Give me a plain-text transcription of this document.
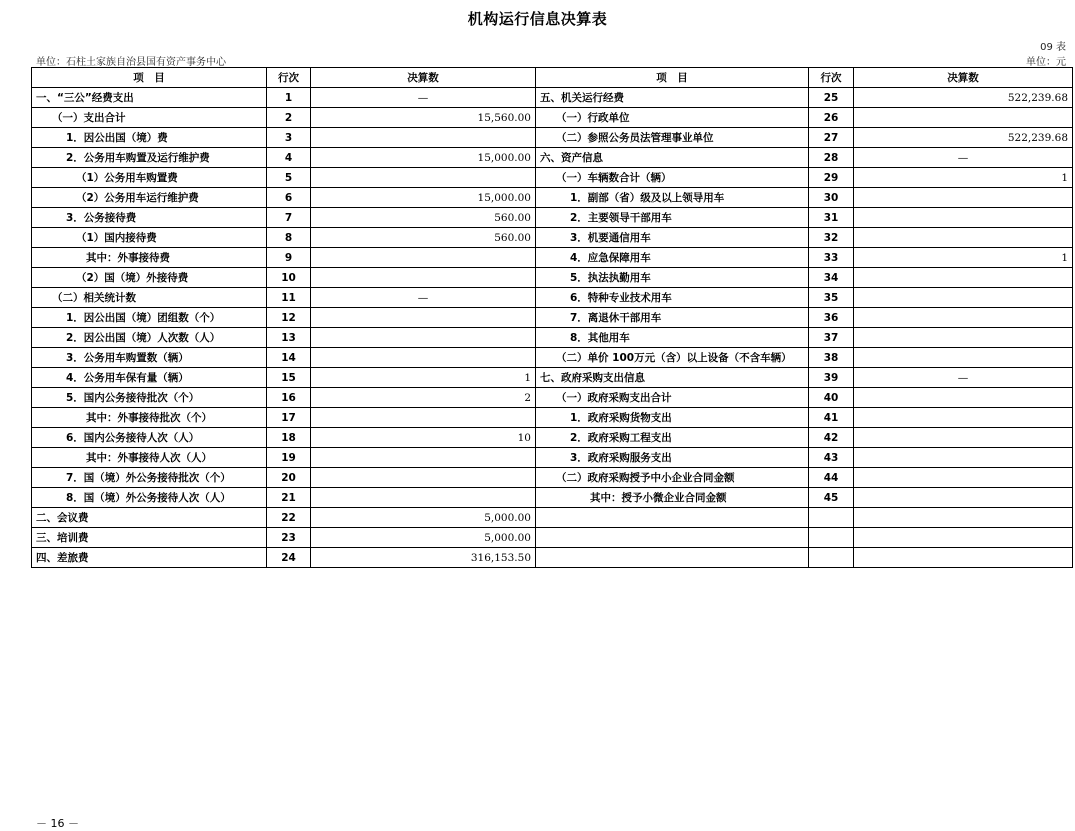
机构运行信息决算表
09 表
单位：石柱土家族自治县国有资产事务中心	单位：元
项　目	行次	决算数	项　目	行次	决算数
一、“三公”经费支出	1	—	五、机关运行经费	25	522,239.68
（一）支出合计	2	15,560.00	（一）行政单位	26	
1．因公出国（境）费	3		（二）参照公务员法管理事业单位	27	522,239.68
2．公务用车购置及运行维护费	4	15,000.00	六、资产信息	28	—
（1）公务用车购置费	5		（一）车辆数合计（辆）	29	1
（2）公务用车运行维护费	6	15,000.00	1．副部（省）级及以上领导用车	30	
3．公务接待费	7	560.00	2．主要领导干部用车	31	
（1）国内接待费	8	560.00	3．机要通信用车	32	
其中：外事接待费	9		4．应急保障用车	33	1
（2）国（境）外接待费	10		5．执法执勤用车	34	
（二）相关统计数	11	—	6．特种专业技术用车	35	
1．因公出国（境）团组数（个）	12		7．离退休干部用车	36	
2．因公出国（境）人次数（人）	13		8．其他用车	37	
3．公务用车购置数（辆）	14		（二）单价 100万元（含）以上设备（不含车辆）	38	
4．公务用车保有量（辆）	15	1	七、政府采购支出信息	39	—
5．国内公务接待批次（个）	16	2	（一）政府采购支出合计	40	
其中：外事接待批次（个）	17		1．政府采购货物支出	41	
6．国内公务接待人次（人）	18	10	2．政府采购工程支出	42	
其中：外事接待人次（人）	19		3．政府采购服务支出	43	
7．国（境）外公务接待批次（个）	20		（二）政府采购授予中小企业合同金额	44	
8．国（境）外公务接待人次（人）	21		其中：授予小微企业合同金额	45	
二、会议费	22	5,000.00			
三、培训费	23	5,000.00			
四、差旅费	24	316,153.50			
－ 16 －
